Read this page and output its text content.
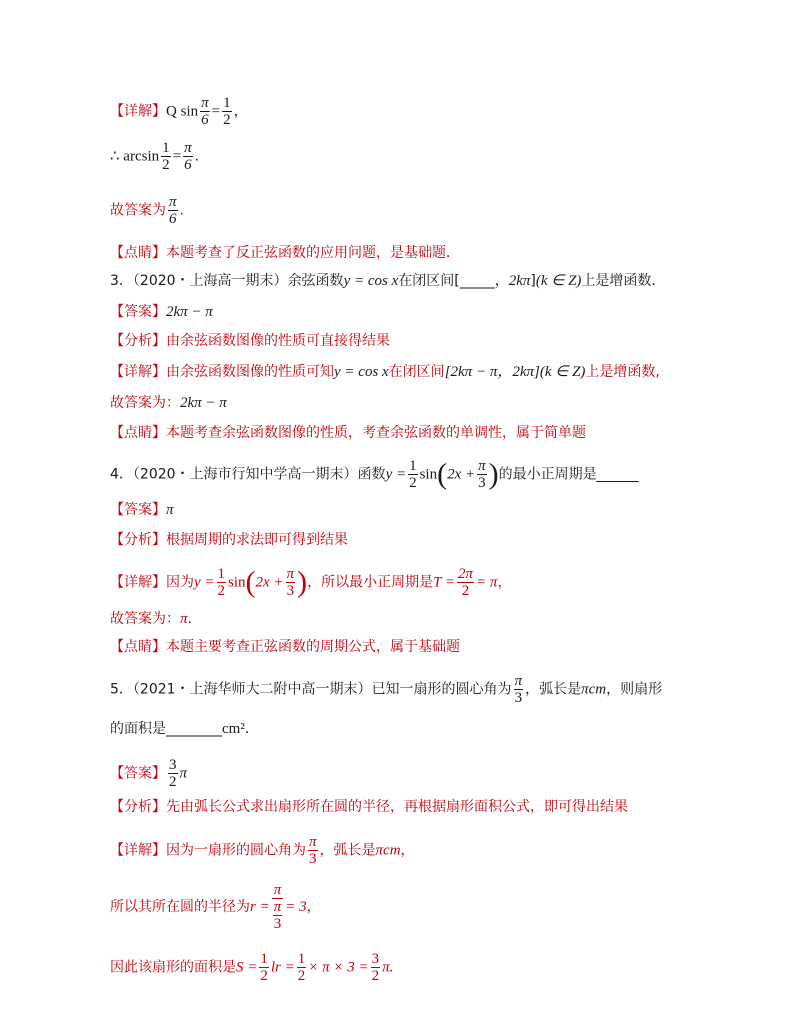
【详解】Q $\sin \frac{\pi}{6} = \frac{1}{2}$ ，
∴ $\arcsin \frac{1}{2} = \frac{\pi}{6}$ .
故答案为 $\frac{\pi}{6}$ .
【点睛】本题考查了反正弦函数的应用问题，是基础题．
3．（2020・上海高一期末）余弦函数y = cos x在闭区间[_____，2kπ](k ∈ Z)上是增函数.
【答案】2kπ − π
【分析】由余弦函数图像的性质可直接得结果
【详解】由余弦函数图像的性质可知y = cos x在闭区间[2kπ − π，2kπ](k ∈ Z)上是增函数,
故答案为：2kπ − π
【点睛】本题考查余弦函数图像的性质，考查余弦函数的单调性，属于简单题
4．（2020・上海市行知中学高一期末）函数$y = \frac{1}{2} \sin(2x + \frac{\pi}{3}$ )的最小正周期是______
【答案】π
【分析】根据周期的求法即可得到结果
【详解】因为$y = \frac{1}{2} \sin(2x + \frac{\pi}{3}$ )，所以最小正周期是$T = \frac{2\pi}{2} = \pi$，
故答案为：π.
【点睛】本题主要考查正弦函数的周期公式，属于基础题
5．（2021・上海华师大二附中高一期末）已知一扇形的圆心角为 $\frac{\pi}{3}$ ，弧长是πcm，则扇形
的面积是________cm².
【答案】 $\frac{3}{2}$ π
【分析】先由弧长公式求出扇形所在圆的半径，再根据扇形面积公式，即可得出结果
【详解】因为一扇形的圆心角为 $\frac{\pi}{3}$ ，弧长是πcm，
所以其所在圆的半径为$r = \frac{\pi}{\frac{\pi}{3}} = 3$，
因此该扇形的面积是$S = \frac{1}{2}$ lr = $\frac{1}{2} \times \pi \times 3 = \frac{3}{2} \pi$.
